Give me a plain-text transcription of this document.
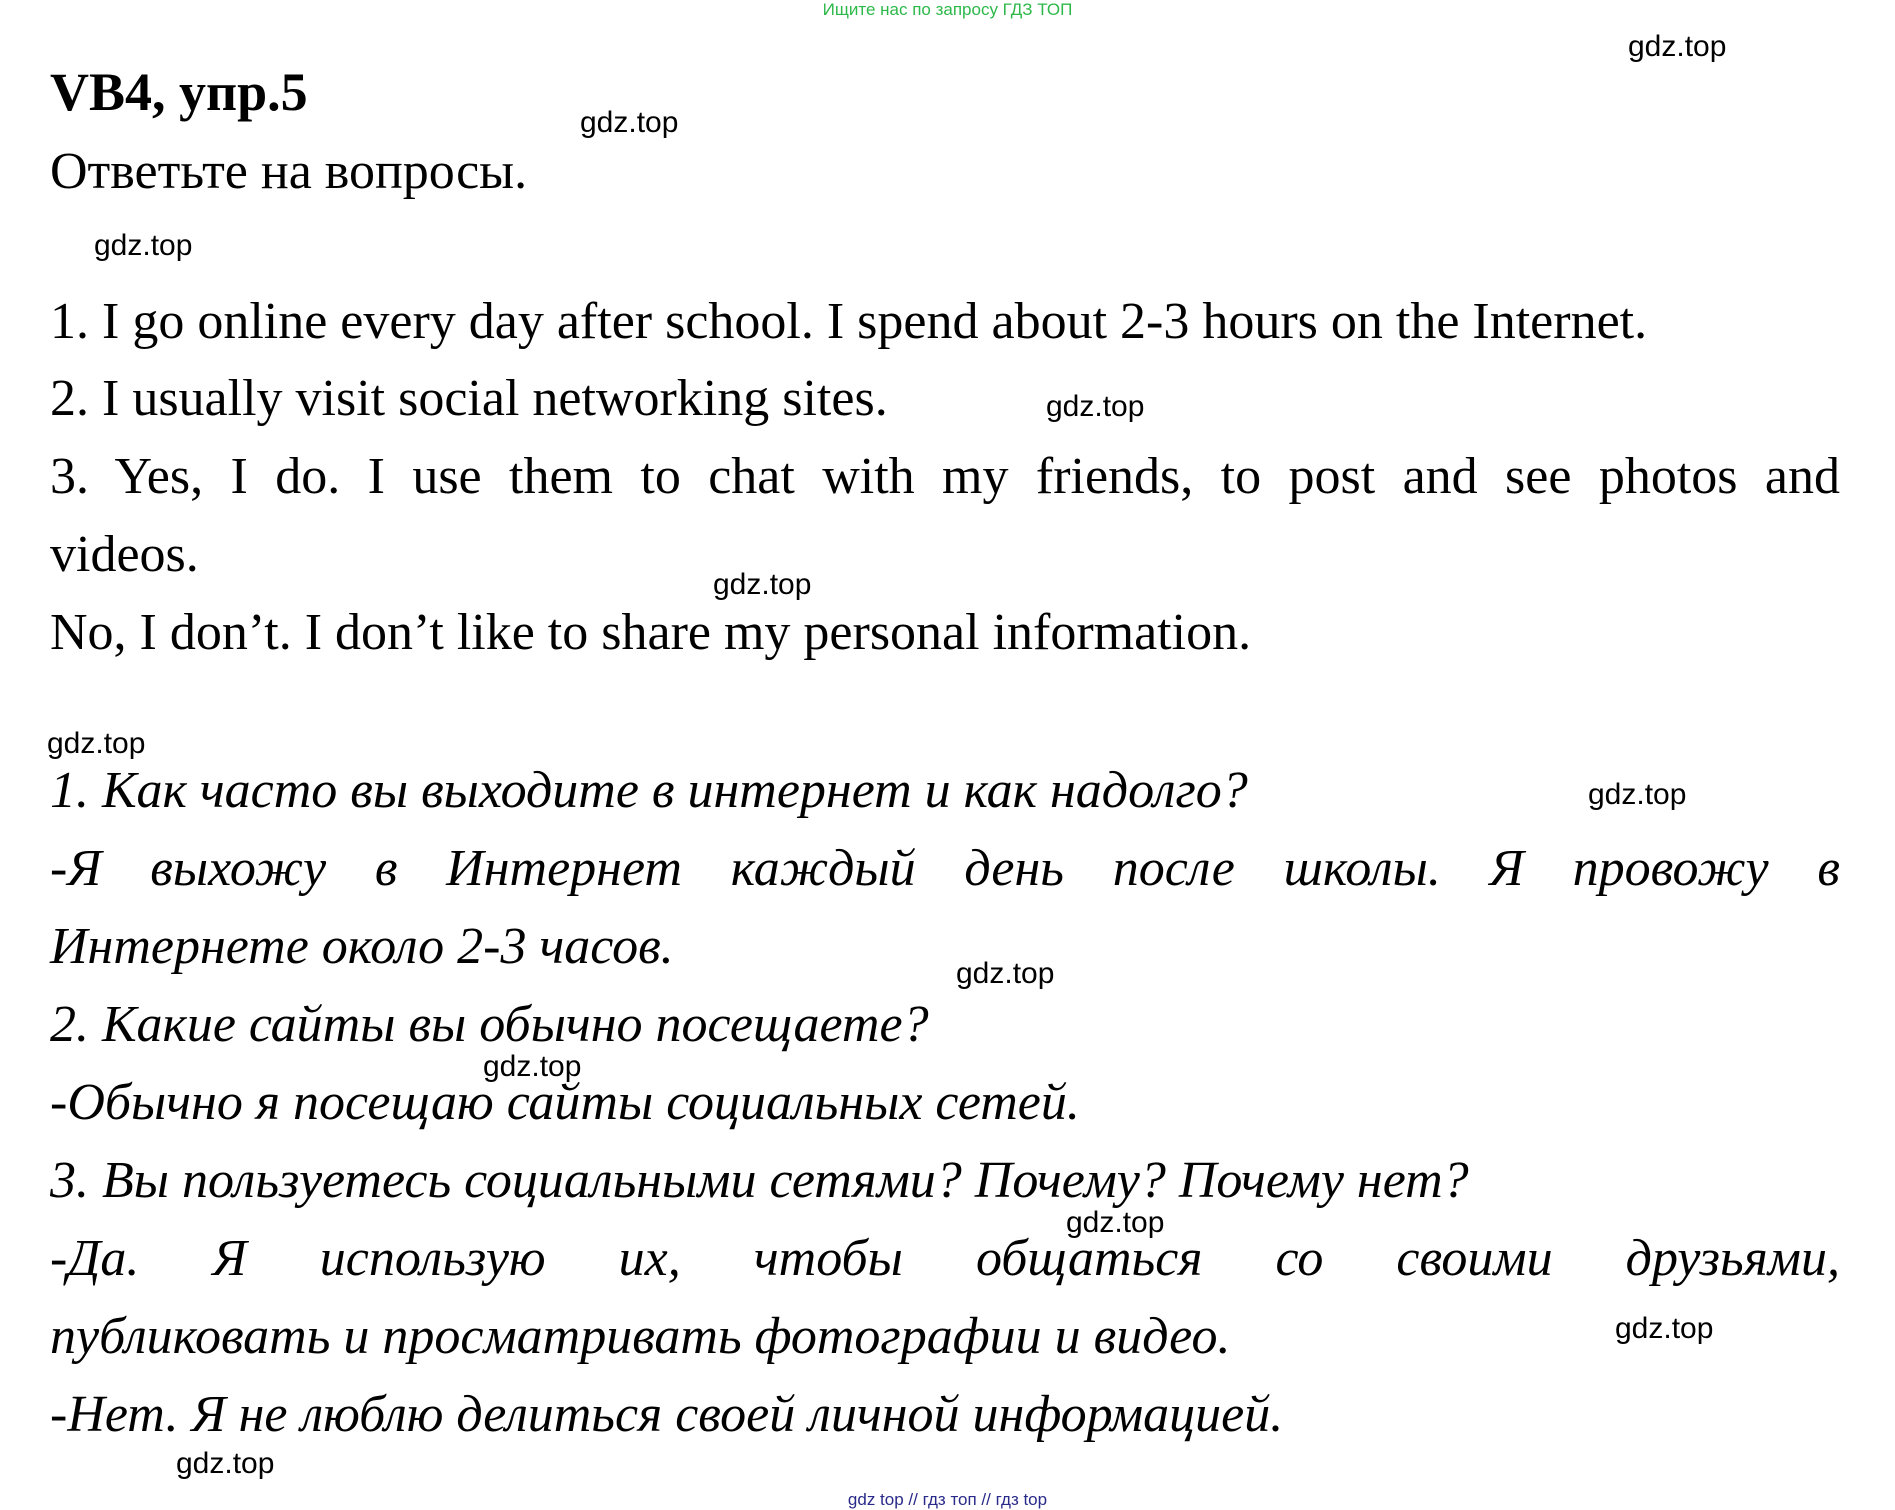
Ищите нас по запросу ГДЗ ТОП
VB4, упр.5

Ответьте на вопросы.

1. I go online every day after school. I spend about 2-3 hours on the Internet.

2. I usually visit social networking sites.

3. Yes, I do. I use them to chat with my friends, to post and see photos and

videos.

No, I don’t. I don’t like to share my personal information.

1. Как часто вы выходите в интернет и как надолго?

-Я выхожу в Интернет каждый день после школы. Я провожу в

Интернете около 2-3 часов.

2. Какие сайты вы обычно посещаете?

-Обычно я посещаю сайты социальных сетей.

3. Вы пользуетесь социальными сетями? Почему? Почему нет?

-Да. Я использую их, чтобы общаться со своими друзьями,

публиковать и просматривать фотографии и видео.

-Нет. Я не люблю делиться своей личной информацией.

gdz.top

gdz.top

gdz.top

gdz.top

gdz.top

gdz.top

gdz.top

gdz.top

gdz.top

gdz.top

gdz.top

gdz.top

gdz top // гдз топ // гдз top
